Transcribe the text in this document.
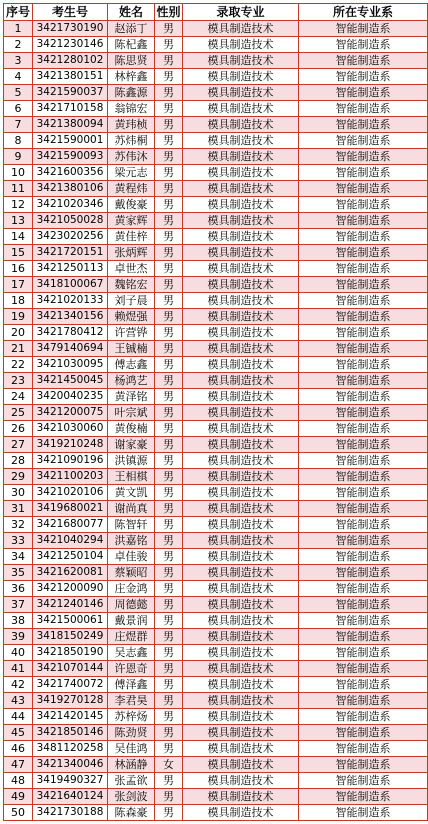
序号	考生号	姓名	性别	录取专业	所在专业系
1	3421730190	赵添丁	男	模具制造技术	智能制造系
2	3421230146	陈杞鑫	男	模具制造技术	智能制造系
3	3421280102	陈思贤	男	模具制造技术	智能制造系
4	3421380151	林梓鑫	男	模具制造技术	智能制造系
5	3421590037	陈鑫源	男	模具制造技术	智能制造系
6	3421710158	翁锦宏	男	模具制造技术	智能制造系
7	3421380094	黄玮桢	男	模具制造技术	智能制造系
8	3421590001	苏炜桐	男	模具制造技术	智能制造系
9	3421590093	苏伟沐	男	模具制造技术	智能制造系
10	3421600356	梁元志	男	模具制造技术	智能制造系
11	3421380106	黄程炜	男	模具制造技术	智能制造系
12	3421020346	戴俊豪	男	模具制造技术	智能制造系
13	3421050028	黄家辉	男	模具制造技术	智能制造系
14	3423020256	黄佳梓	男	模具制造技术	智能制造系
15	3421720151	张炳辉	男	模具制造技术	智能制造系
16	3421250113	卓世杰	男	模具制造技术	智能制造系
17	3418100067	魏铭宏	男	模具制造技术	智能制造系
18	3421020133	刘子晨	男	模具制造技术	智能制造系
19	3421340156	赖煜强	男	模具制造技术	智能制造系
20	3421780412	许营铧	男	模具制造技术	智能制造系
21	3479140694	王铖楠	男	模具制造技术	智能制造系
22	3421030095	傅志鑫	男	模具制造技术	智能制造系
23	3421450045	杨鸿艺	男	模具制造技术	智能制造系
24	3420040235	黄泽铭	男	模具制造技术	智能制造系
25	3421200075	叶宗斌	男	模具制造技术	智能制造系
26	3421030060	黄俊楠	男	模具制造技术	智能制造系
27	3419210248	谢家豪	男	模具制造技术	智能制造系
28	3421090196	洪镇源	男	模具制造技术	智能制造系
29	3421100203	王相棋	男	模具制造技术	智能制造系
30	3421020106	黄文凯	男	模具制造技术	智能制造系
31	3419680021	谢尚真	男	模具制造技术	智能制造系
32	3421680077	陈智轩	男	模具制造技术	智能制造系
33	3421040294	洪嘉铭	男	模具制造技术	智能制造系
34	3421250104	卓佳骏	男	模具制造技术	智能制造系
35	3421620081	蔡颖昭	男	模具制造技术	智能制造系
36	3421200090	庄金鸿	男	模具制造技术	智能制造系
37	3421240146	周德懿	男	模具制造技术	智能制造系
38	3421500061	戴景润	男	模具制造技术	智能制造系
39	3418150249	庄煜群	男	模具制造技术	智能制造系
40	3421850190	吴志鑫	男	模具制造技术	智能制造系
41	3421070144	许恩奇	男	模具制造技术	智能制造系
42	3421740072	傅泽鑫	男	模具制造技术	智能制造系
43	3419270128	李君昊	男	模具制造技术	智能制造系
44	3421420145	苏梓炀	男	模具制造技术	智能制造系
45	3421850146	陈劲贤	男	模具制造技术	智能制造系
46	3481120258	吴佳鸿	男	模具制造技术	智能制造系
47	3421340046	林涵静	女	模具制造技术	智能制造系
48	3419490327	张孟欲	男	模具制造技术	智能制造系
49	3421640124	张剑波	男	模具制造技术	智能制造系
50	3421730188	陈森豪	男	模具制造技术	智能制造系
